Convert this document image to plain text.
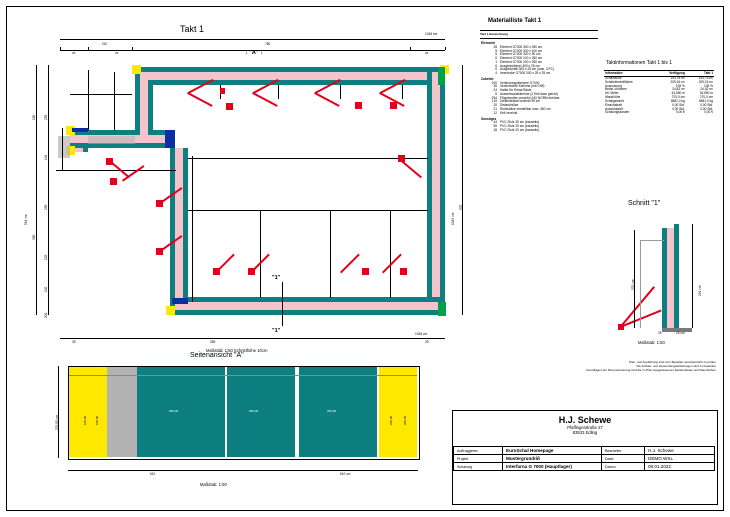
Takt 1
210	780
1045 cm
25	25	25
↓ "A" ↓
255
134
255
125
120
201
150
350
554 cm
570
1045 cm
25	355	25
1045 cm
"1"
"1"
Maßstab: 1:50 Schnitthöhe 10cm
Materialliste Takt 1
Takt 1 Bezeichnung
Elemente	
28	Element G7000 300 x 250 cm
9	Element G7000 300 x 100 cm
5	Element G7000 300 x 90 cm
6	Element G7000 100 x 250 cm
1	Element G7000 200 x 250 cm
6	Ausgleichblech 300 x 25 cm
6	Ausgleichteil 305 x 25 cm (max. 3 PC)
4	Innenecke G7000 300 x 25 x 25 cm
Zubehör	
100	Verbindungsklemme G7000
36	Vereinfachte Klemme (mit Griff)
24	Halter für Erbse/Säule
6	Aussenwandklemme (2 Keil dazu gehört)
294	Flügelmutter verzinkt LNG NORM drehbar
115	Gewindestab verzinkt 95 cm
20	Distanzhülse
21	Richtstütze verstellbar max. 450 cm
12	Keil verzinkt
Sonstiges	
44	PVC-Rohr 30 cm (bauseits)
55	PVC-Rohr 25 cm (bauseits)
18	PVC-Rohr 20 cm (bauseits)
Taktinformationen Takt 1 bis 1
Information	Verfügung	Takt 1
Schalfläche	193,78 m²	193,78 m²
Schalelementfläche	205,16 m²	205,16 m²
Ausnutzung	105 %	105 %
Beton-Volumen	24,82 m³	24,82 m³
Ktl. Meter	34,690 m	34,690 m
Wandhöhe	270,0 cm	270,0 cm
Schalgewicht	8681,0 kg	8681,0 kg
Einschalzeit	0,00 Std.	0,00 Std.
Ausschalzeit	0,00 Std.	0,00 Std.
Schalungskosten	0,00 €	0,00 €
Schnitt "1"
270 cm
294 cm
25	25 cm
Maßstab: 1:50
Seitenansicht "A"
250,00	250,00	250,00
100,00	100,00	250,00	250,00
270,00 cm
610	610 cm
Maßstab: 1:50
Plan- und Ausführung sind vom Besteller verantwortlich zu prüfen
Die Aufbau- und Verwendungsanleitungen sind zu beachten
Grundlagen der Dimensionierung sind die im Plan ausgewiesenen Deckenlasten und Raumhöhen
H.J. Schewe
Pfaffingerstraße 27
83533 Edling
Auftraggeber	EuroSchal Homepage	Bearbeiter	H.J. Schewe
Projekt	Mustergrundriß	Datei	DEMO WSL
Schalung	Interfarna G 7000 (Hauptlager)	Datum	08.01.2022
